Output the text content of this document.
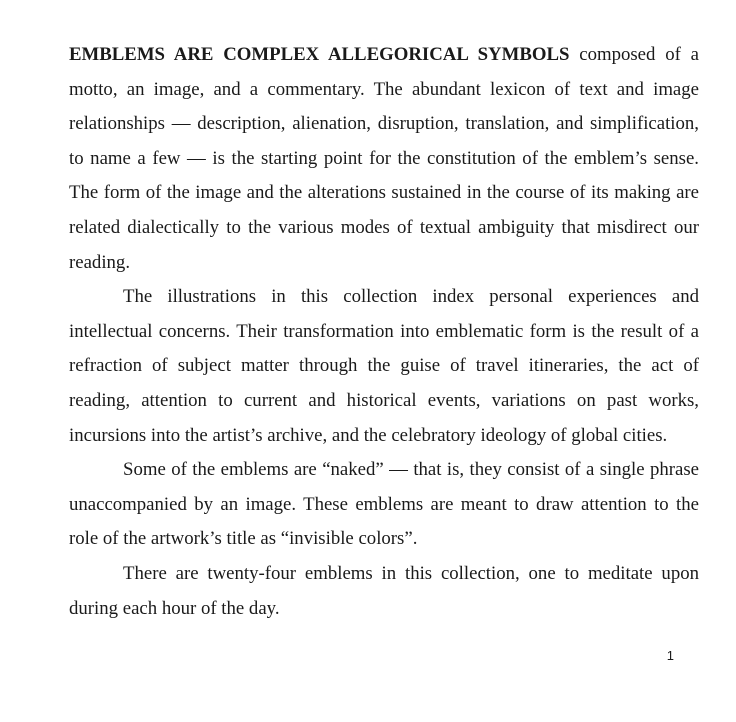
EMBLEMS ARE COMPLEX ALLEGORICAL SYMBOLS composed of a motto, an image, and a commentary. The abundant lexicon of text and image relationships — description, alienation, disruption, translation, and simplification, to name a few — is the starting point for the constitution of the emblem’s sense. The form of the image and the alterations sustained in the course of its making are related dialectically to the various modes of textual ambiguity that misdirect our reading.

The illustrations in this collection index personal experiences and intellectual concerns. Their transformation into emblematic form is the result of a refraction of subject matter through the guise of travel itineraries, the act of reading, attention to current and historical events, variations on past works, incursions into the artist’s archive, and the celebratory ideology of global cities.

Some of the emblems are “naked” — that is, they consist of a single phrase unaccompanied by an image. These emblems are meant to draw attention to the role of the artwork’s title as “invisible colors”.

There are twenty-four emblems in this collection, one to meditate upon during each hour of the day.

1
